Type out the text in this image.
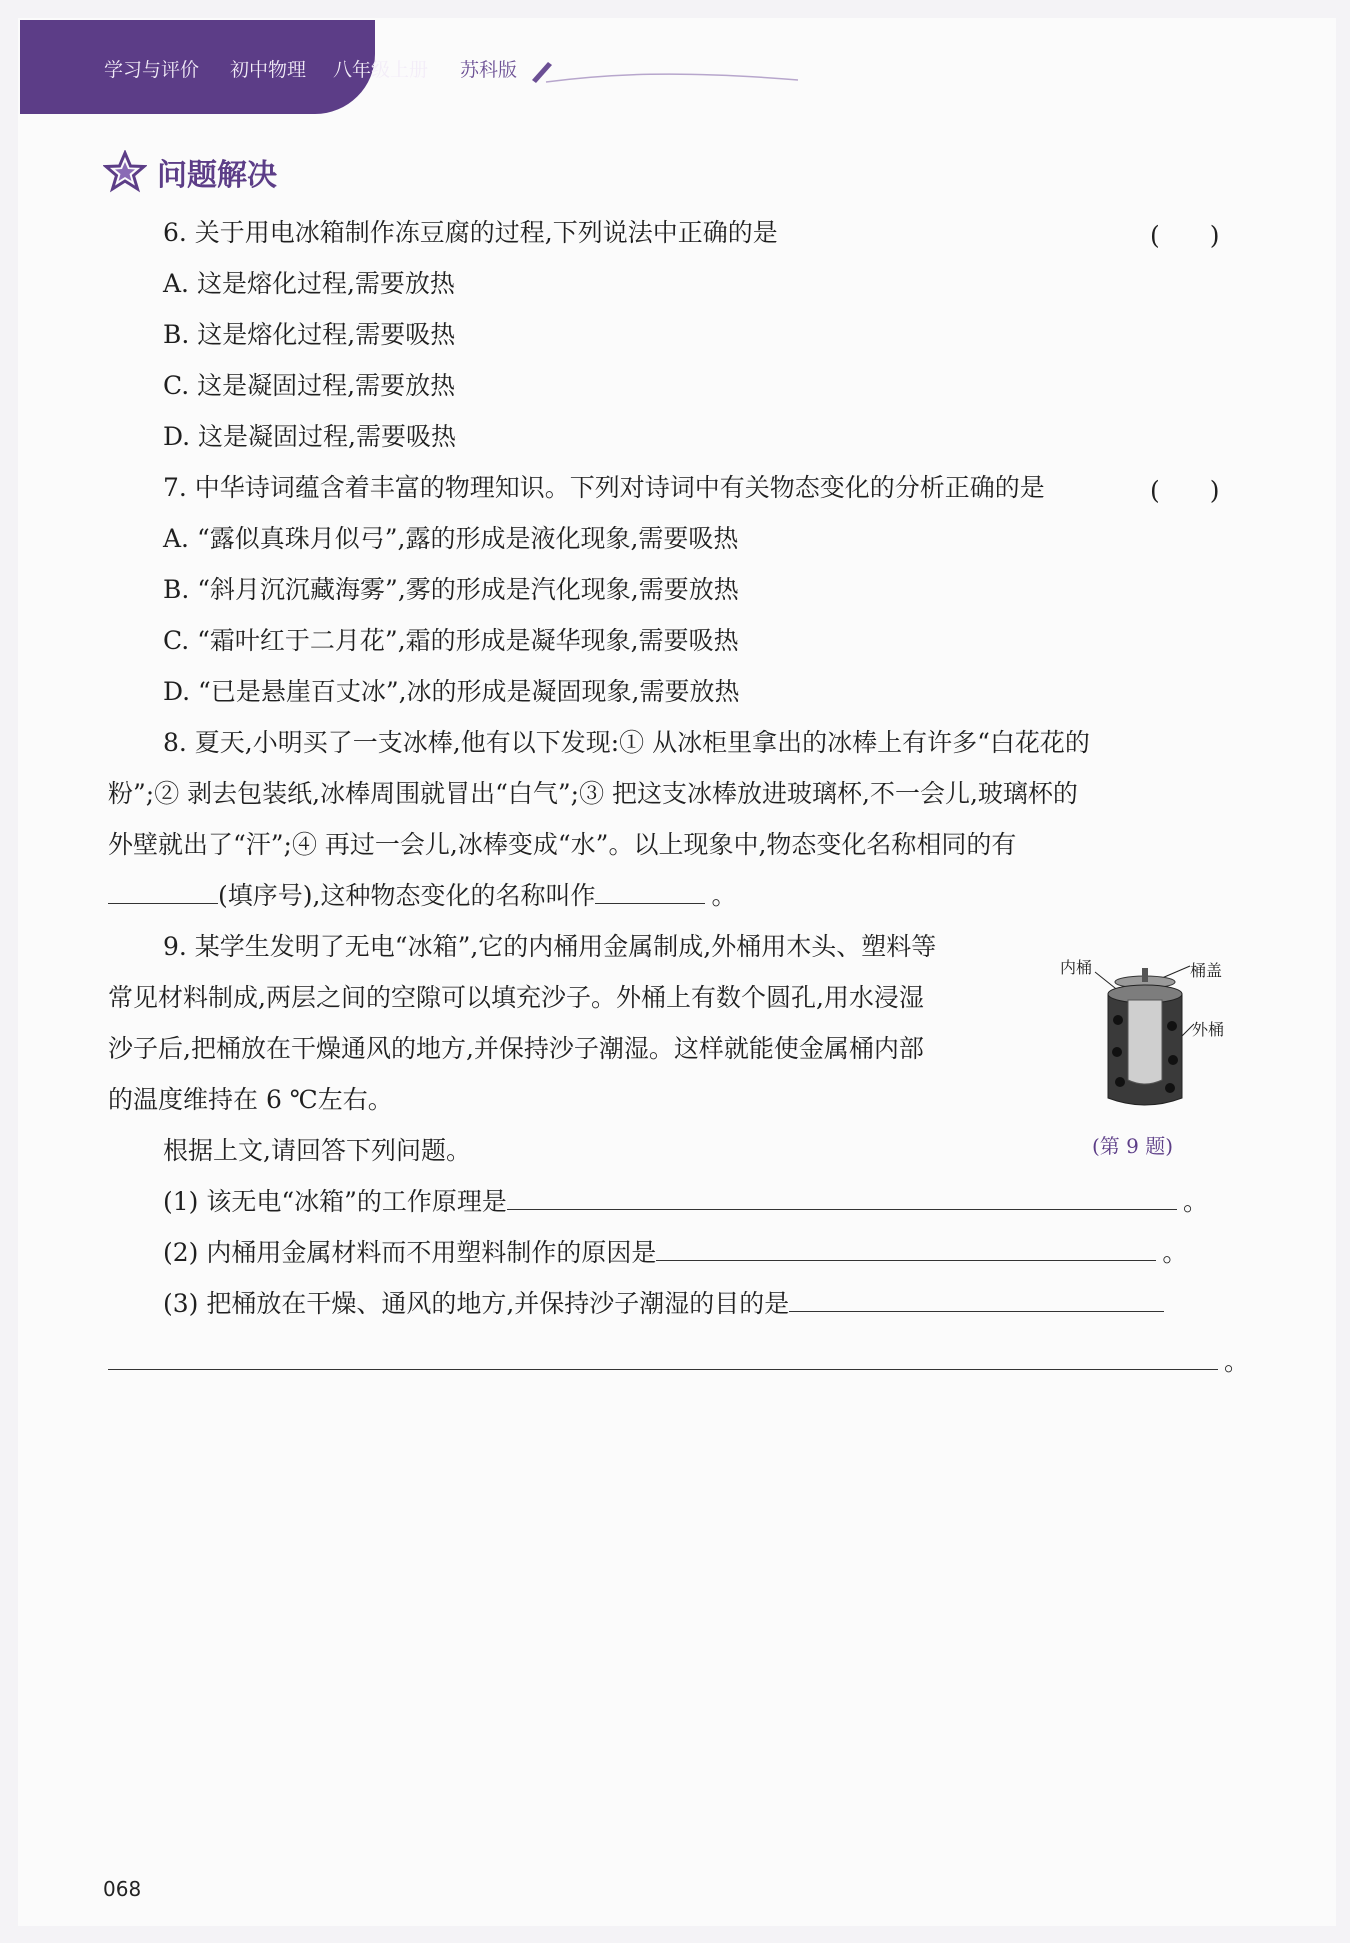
学习与评价 初中物理 八年级上册 苏科版
问题解决
6. 关于用电冰箱制作冻豆腐的过程,下列说法中正确的是	(　　)
A. 这是熔化过程,需要放热
B. 这是熔化过程,需要吸热
C. 这是凝固过程,需要放热
D. 这是凝固过程,需要吸热
7. 中华诗词蕴含着丰富的物理知识。下列对诗词中有关物态变化的分析正确的是	(　　)
A. “露似真珠月似弓”,露的形成是液化现象,需要吸热
B. “斜月沉沉藏海雾”,雾的形成是汽化现象,需要放热
C. “霜叶红于二月花”,霜的形成是凝华现象,需要吸热
D. “已是悬崖百丈冰”,冰的形成是凝固现象,需要放热
8. 夏天,小明买了一支冰棒,他有以下发现:① 从冰柜里拿出的冰棒上有许多“白花花的
粉”;② 剥去包装纸,冰棒周围就冒出“白气”;③ 把这支冰棒放进玻璃杯,不一会儿,玻璃杯的
外壁就出了“汗”;④ 再过一会儿,冰棒变成“水”。以上现象中,物态变化名称相同的有
(填序号),这种物态变化的名称叫作	。
9. 某学生发明了无电“冰箱”,它的内桶用金属制成,外桶用木头、塑料等
常见材料制成,两层之间的空隙可以填充沙子。外桶上有数个圆孔,用水浸湿
沙子后,把桶放在干燥通风的地方,并保持沙子潮湿。这样就能使金属桶内部
的温度维持在 6 ℃左右。
根据上文,请回答下列问题。
内桶	桶盖
外桶
(第 9 题)
(1) 该无电“冰箱”的工作原理是	。
(2) 内桶用金属材料而不用塑料制作的原因是	。
(3) 把桶放在干燥、通风的地方,并保持沙子潮湿的目的是
。
068
